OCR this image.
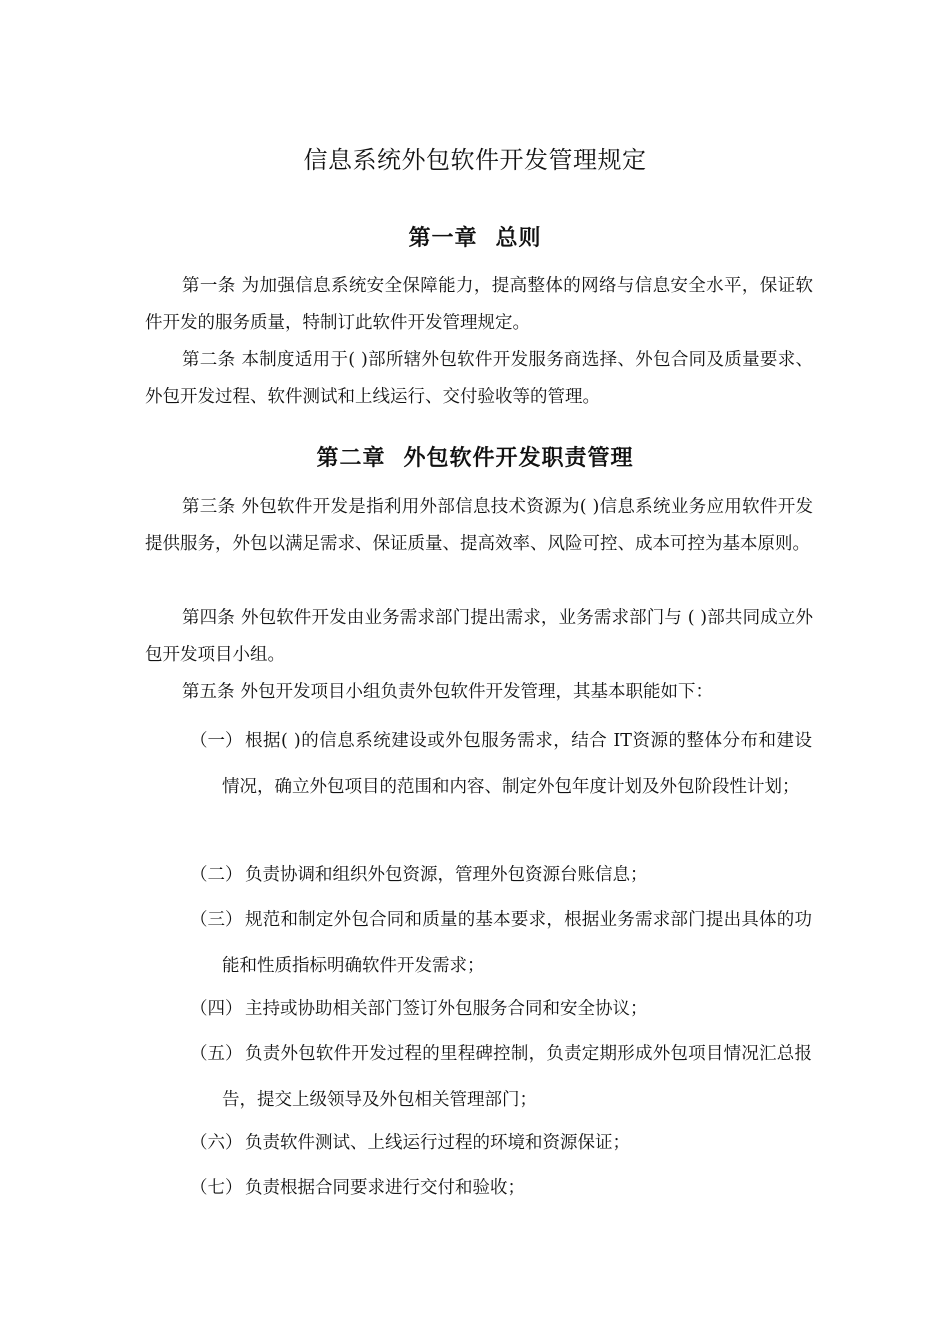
信息系统外包软件开发管理规定
第一章 总则
第一条 为加强信息系统安全保障能力，提高整体的网络与信息安全水平，保证软件开发的服务质量，特制订此软件开发管理规定。
第二条 本制度适用于( )部所辖外包软件开发服务商选择、外包合同及质量要求、外包开发过程、软件测试和上线运行、交付验收等的管理。
第二章 外包软件开发职责管理
第三条 外包软件开发是指利用外部信息技术资源为( )信息系统业务应用软件开发提供服务，外包以满足需求、保证质量、提高效率、风险可控、成本可控为基本原则。
第四条 外包软件开发由业务需求部门提出需求，业务需求部门与 ( )部共同成立外包开发项目小组。
第五条 外包开发项目小组负责外包软件开发管理，其基本职能如下：
（一） 根据( )的信息系统建设或外包服务需求，结合 IT资源的整体分布和建设情况，确立外包项目的范围和内容、制定外包年度计划及外包阶段性计划；
（二） 负责协调和组织外包资源，管理外包资源台账信息；
（三） 规范和制定外包合同和质量的基本要求，根据业务需求部门提出具体的功能和性质指标明确软件开发需求；
（四） 主持或协助相关部门签订外包服务合同和安全协议；
（五） 负责外包软件开发过程的里程碑控制，负责定期形成外包项目情况汇总报告，提交上级领导及外包相关管理部门；
（六） 负责软件测试、上线运行过程的环境和资源保证；
（七） 负责根据合同要求进行交付和验收；
